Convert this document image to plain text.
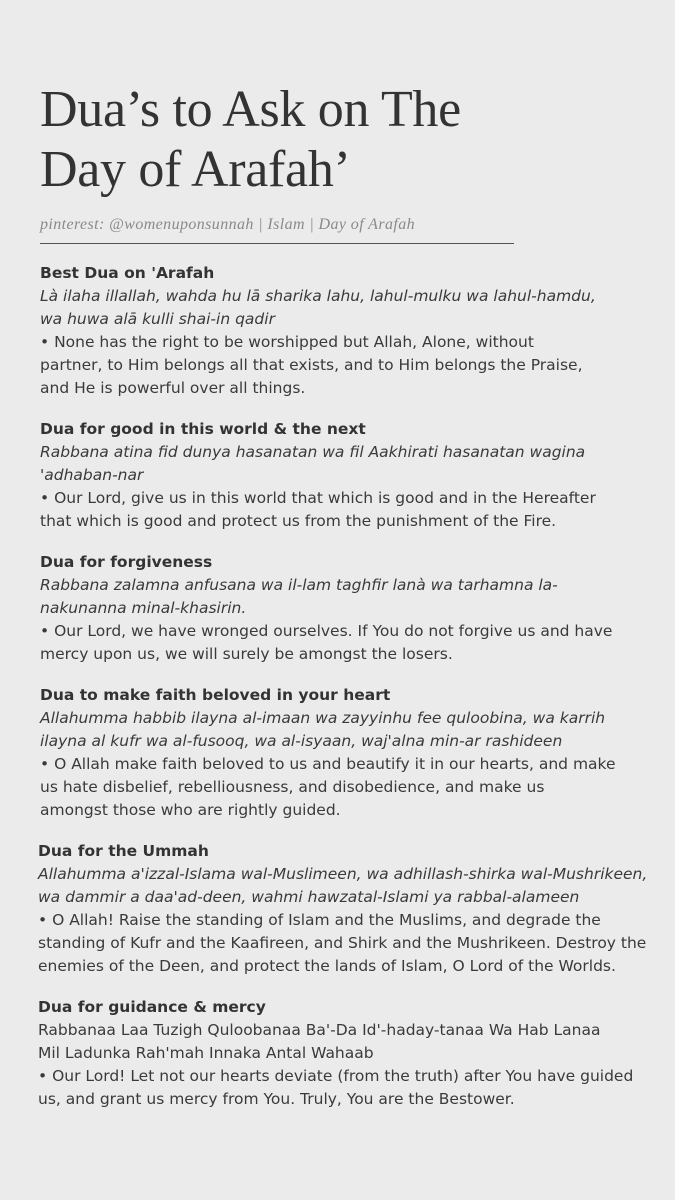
Dua’s to Ask on The
Day of Arafah’
pinterest: @womenuponsunnah | Islam | Day of Arafah
Best Dua on 'Arafah
Là ilaha illallah, wahda hu lā sharika lahu, lahul-mulku wa lahul-hamdu,
wa huwa alā kulli shai-in qadir
• None has the right to be worshipped but Allah, Alone, without
partner, to Him belongs all that exists, and to Him belongs the Praise,
and He is powerful over all things.
Dua for good in this world & the next
Rabbana atina fid dunya hasanatan wa fil Aakhirati hasanatan wagina
'adhaban-nar
• Our Lord, give us in this world that which is good and in the Hereafter
that which is good and protect us from the punishment of the Fire.
Dua for forgiveness
Rabbana zalamna anfusana wa il-lam taghfir lanà wa tarhamna la-
nakunanna minal-khasirin.
• Our Lord, we have wronged ourselves. If You do not forgive us and have
mercy upon us, we will surely be amongst the losers.
Dua to make faith beloved in your heart
Allahumma habbib ilayna al-imaan wa zayyinhu fee quloobina, wa karrih
ilayna al kufr wa al-fusooq, wa al-isyaan, waj'alna min-ar rashideen
• O Allah make faith beloved to us and beautify it in our hearts, and make
us hate disbelief, rebelliousness, and disobedience, and make us
amongst those who are rightly guided.
Dua for the Ummah
Allahumma a'izzal-Islama wal-Muslimeen, wa adhillash-shirka wal-Mushrikeen,
wa dammir a daa'ad-deen, wahmi hawzatal-Islami ya rabbal-alameen
• O Allah! Raise the standing of Islam and the Muslims, and degrade the
standing of Kufr and the Kaafireen, and Shirk and the Mushrikeen. Destroy the
enemies of the Deen, and protect the lands of Islam, O Lord of the Worlds.
Dua for guidance & mercy
Rabbanaa Laa Tuzigh Quloobanaa Ba'-Da Id'-haday-tanaa Wa Hab Lanaa
Mil Ladunka Rah'mah Innaka Antal Wahaab
• Our Lord! Let not our hearts deviate (from the truth) after You have guided
us, and grant us mercy from You. Truly, You are the Bestower.
